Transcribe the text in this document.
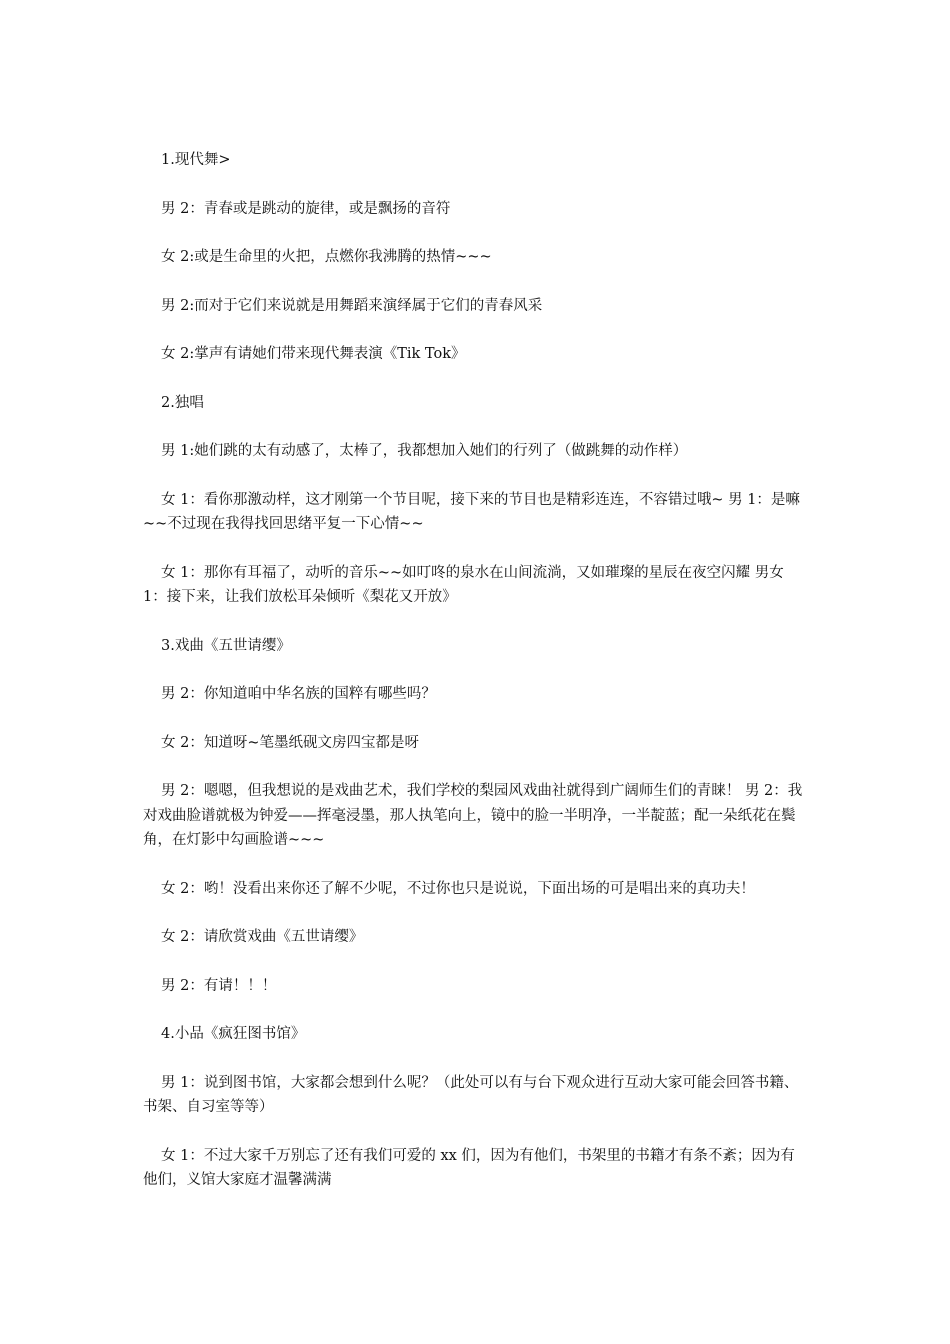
1.现代舞>

男 2：青春或是跳动的旋律，或是飘扬的音符

女 2:或是生命里的火把，点燃你我沸腾的热情~~~

男 2:而对于它们来说就是用舞蹈来演绎属于它们的青春风采

女 2:掌声有请她们带来现代舞表演《Tik Tok》

2.独唱

男 1:她们跳的太有动感了，太棒了，我都想加入她们的行列了（做跳舞的动作样）

女 1：看你那激动样，这才刚第一个节目呢，接下来的节目也是精彩连连，不容错过哦~ 男 1：是嘛~~不过现在我得找回思绪平复一下心情~~

女 1：那你有耳福了，动听的音乐~~如叮咚的泉水在山间流淌，又如璀璨的星辰在夜空闪耀 男女 1：接下来，让我们放松耳朵倾听《梨花又开放》

3.戏曲《五世请缨》

男 2：你知道咱中华名族的国粹有哪些吗？

女 2：知道呀~笔墨纸砚文房四宝都是呀

男 2：嗯嗯，但我想说的是戏曲艺术，我们学校的梨园风戏曲社就得到广阔师生们的青睐！ 男 2：我对戏曲脸谱就极为钟爱——挥毫浸墨，那人执笔向上，镜中的脸一半明净，一半靛蓝；配一朵纸花在鬓角，在灯影中勾画脸谱~~~

女 2：哟！没看出来你还了解不少呢，不过你也只是说说，下面出场的可是唱出来的真功夫！

女 2：请欣赏戏曲《五世请缨》

男 2：有请！！！

4.小品《疯狂图书馆》

男 1：说到图书馆，大家都会想到什么呢？（此处可以有与台下观众进行互动大家可能会回答书籍、书架、自习室等等）

女 1：不过大家千万别忘了还有我们可爱的 xx 们，因为有他们，书架里的书籍才有条不紊；因为有他们，义馆大家庭才温馨满满
